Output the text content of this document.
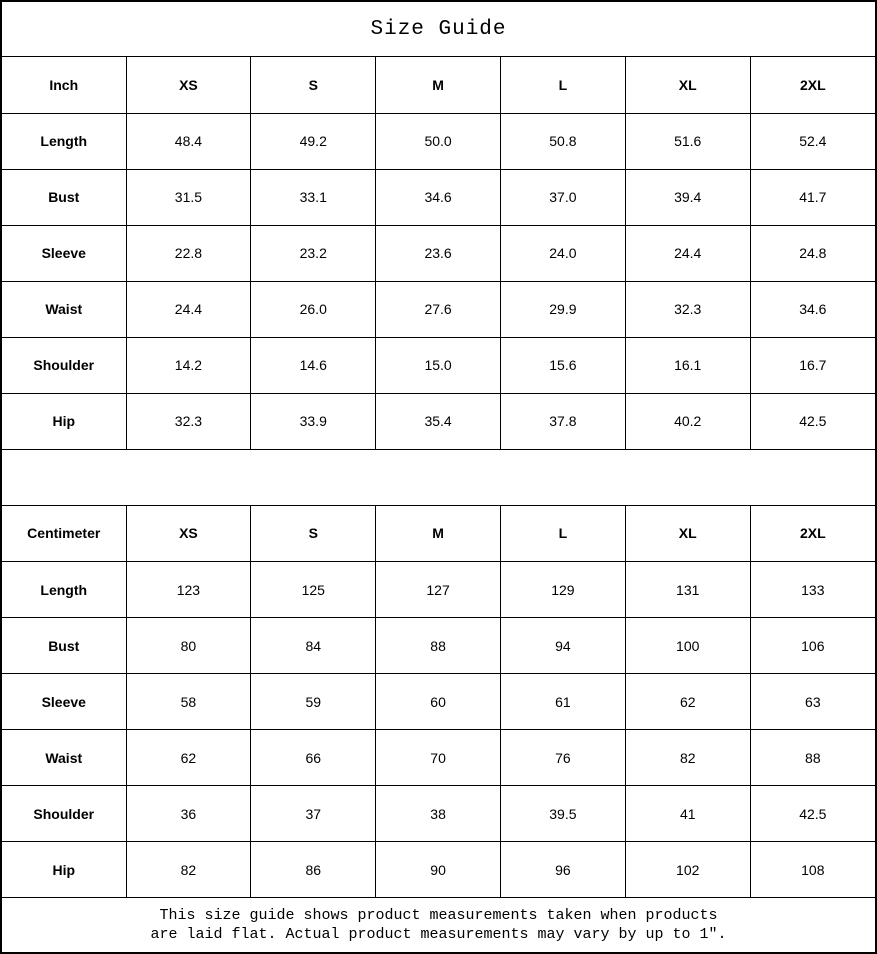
Size Guide
Inch	XS	S	M	L	XL	2XL
Length	48.4	49.2	50.0	50.8	51.6	52.4
Bust	31.5	33.1	34.6	37.0	39.4	41.7
Sleeve	22.8	23.2	23.6	24.0	24.4	24.8
Waist	24.4	26.0	27.6	29.9	32.3	34.6
Shoulder	14.2	14.6	15.0	15.6	16.1	16.7
Hip	32.3	33.9	35.4	37.8	40.2	42.5
Centimeter	XS	S	M	L	XL	2XL
Length	123	125	127	129	131	133
Bust	80	84	88	94	100	106
Sleeve	58	59	60	61	62	63
Waist	62	66	70	76	82	88
Shoulder	36	37	38	39.5	41	42.5
Hip	82	86	90	96	102	108
This size guide shows product measurements taken when products
are laid flat. Actual product measurements may vary by up to 1″.
